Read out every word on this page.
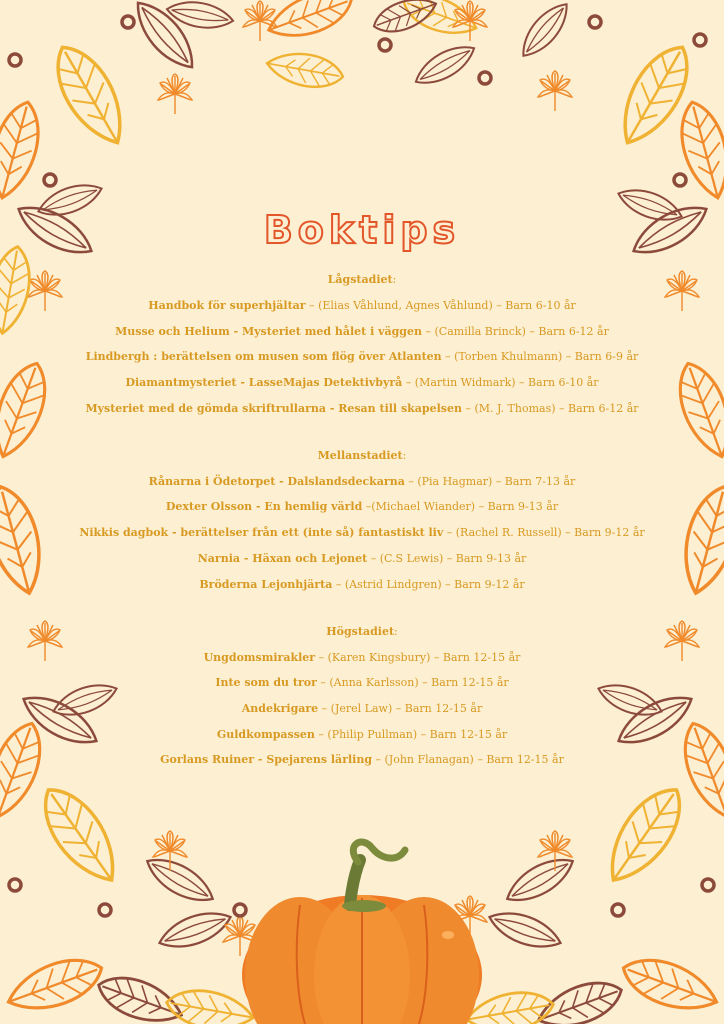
Boktips
Lågstadiet:
Handbok för superhjältar – (Elias Våhlund, Agnes Våhlund) – Barn 6-10 år
Musse och Helium - Mysteriet med hålet i väggen – (Camilla Brinck) – Barn 6-12 år
Lindbergh : berättelsen om musen som flög över Atlanten – (Torben Khulmann) – Barn 6-9 år
Diamantmysteriet - LasseMajas Detektivbyrå – (Martin Widmark) – Barn 6-10 år
Mysteriet med de gömda skriftrullarna - Resan till skapelsen – (M. J. Thomas) – Barn 6-12 år
Mellanstadiet:
Rånarna i Ödetorpet - Dalslandsdeckarna – (Pia Hagmar) – Barn 7-13 år
Dexter Olsson - En hemlig värld –(Michael Wiander) – Barn 9-13 år
Nikkis dagbok - berättelser från ett (inte så) fantastiskt liv – (Rachel R. Russell) – Barn 9-12 år
Narnia - Häxan och Lejonet – (C.S Lewis) – Barn 9-13 år
Bröderna Lejonhjärta – (Astrid Lindgren) – Barn 9-12 år
Högstadiet:
Ungdomsmirakler – (Karen Kingsbury) – Barn 12-15 år
Inte som du tror – (Anna Karlsson) – Barn 12-15 år
Andekrigare – (Jerel Law) – Barn 12-15 år
Guldkompassen – (Philip Pullman) – Barn 12-15 år
Gorlans Ruiner - Spejarens lärling – (John Flanagan) – Barn 12-15 år
